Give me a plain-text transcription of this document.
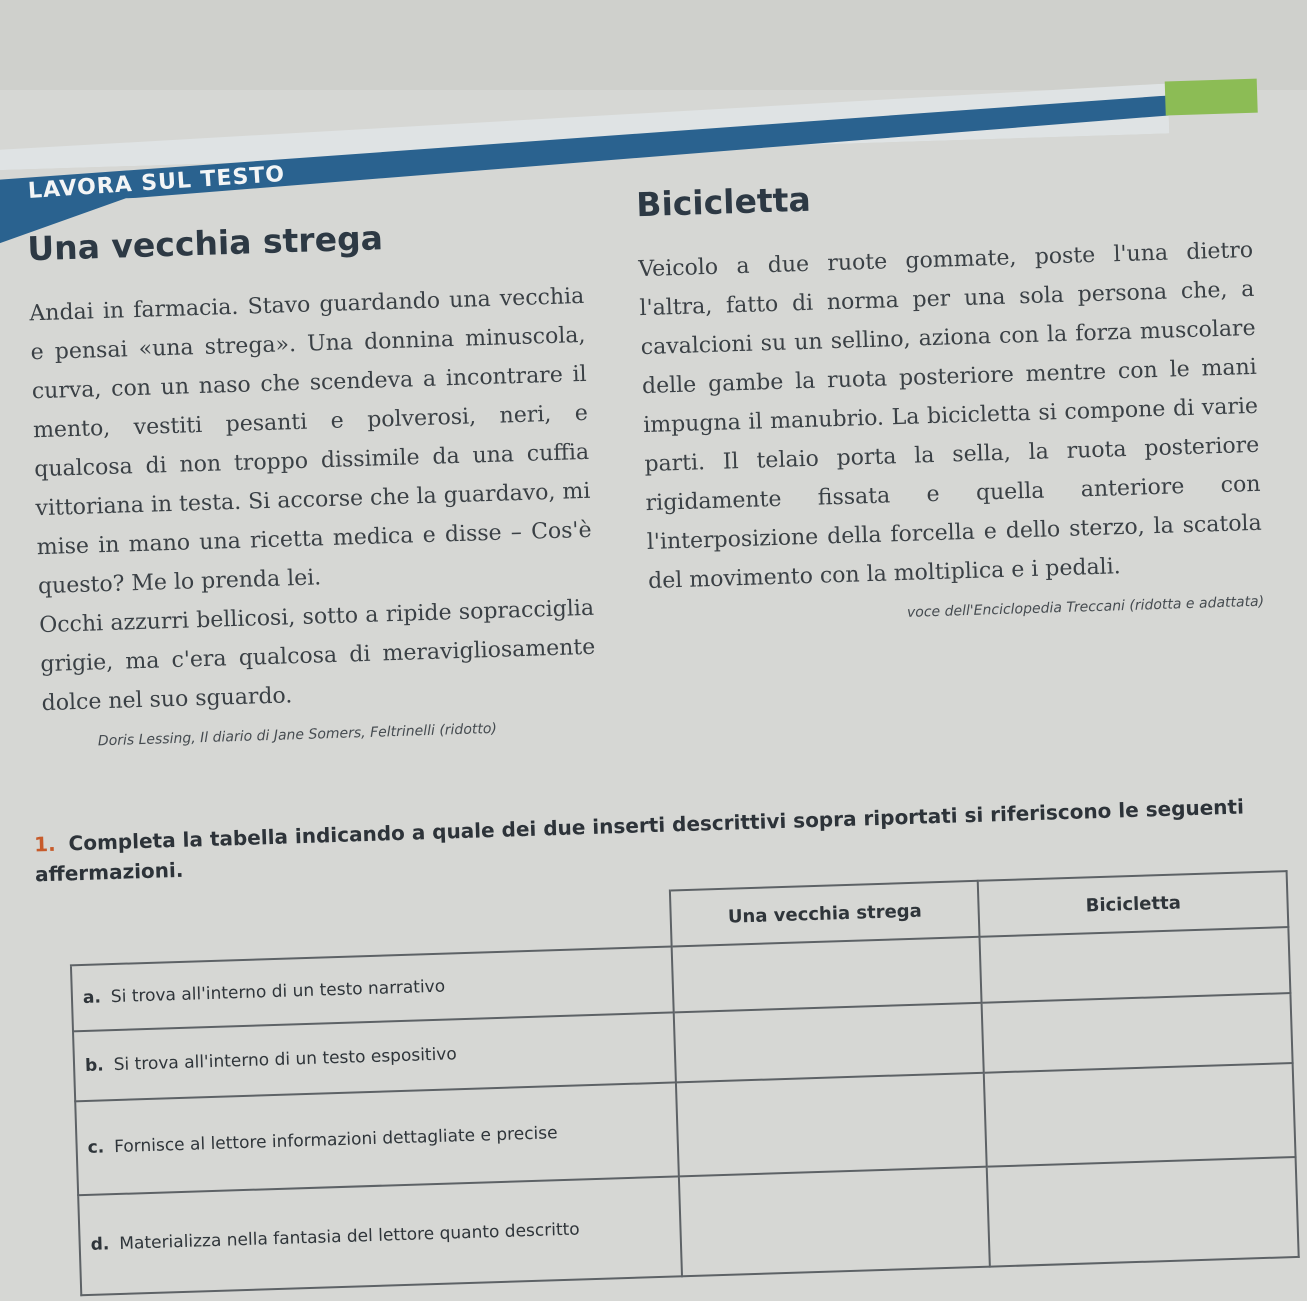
LAVORA SUL TESTO
Una vecchia strega

Andai in farmacia. Stavo guardando una vecchia e pensai «una strega». Una donnina minuscola, curva, con un naso che scendeva a incontrare il mento, vestiti pesanti e polverosi, neri, e qualcosa di non troppo dissimile da una cuffia vittoriana in testa. Si accorse che la guardavo, mi mise in mano una ricetta medica e disse – Cos'è questo? Me lo prenda lei.

Occhi azzurri bellicosi, sotto a ripide sopracciglia grigie, ma c'era qualcosa di meravigliosamente dolce nel suo sguardo.

Doris Lessing, Il diario di Jane Somers, Feltrinelli (ridotto)
Bicicletta

Veicolo a due ruote gommate, poste l'una dietro l'altra, fatto di norma per una sola persona che, a cavalcioni su un sellino, aziona con la forza muscolare delle gambe la ruota posteriore mentre con le mani impugna il manubrio. La bicicletta si compone di varie parti. Il telaio porta la sella, la ruota posteriore rigidamente fissata e quella anteriore con l'interposizione della forcella e dello sterzo, la scatola del movimento con la moltiplica e i pedali.

voce dell'Enciclopedia Treccani (ridotta e adattata)
1. Completa la tabella indicando a quale dei due inserti descrittivi sopra riportati si riferiscono le seguenti affermazioni.
	Una vecchia strega	Bicicletta
a. Si trova all'interno di un testo narrativo		
b. Si trova all'interno di un testo espositivo		
c. Fornisce al lettore informazioni dettagliate e precise		
d. Materializza nella fantasia del lettore quanto descritto		
